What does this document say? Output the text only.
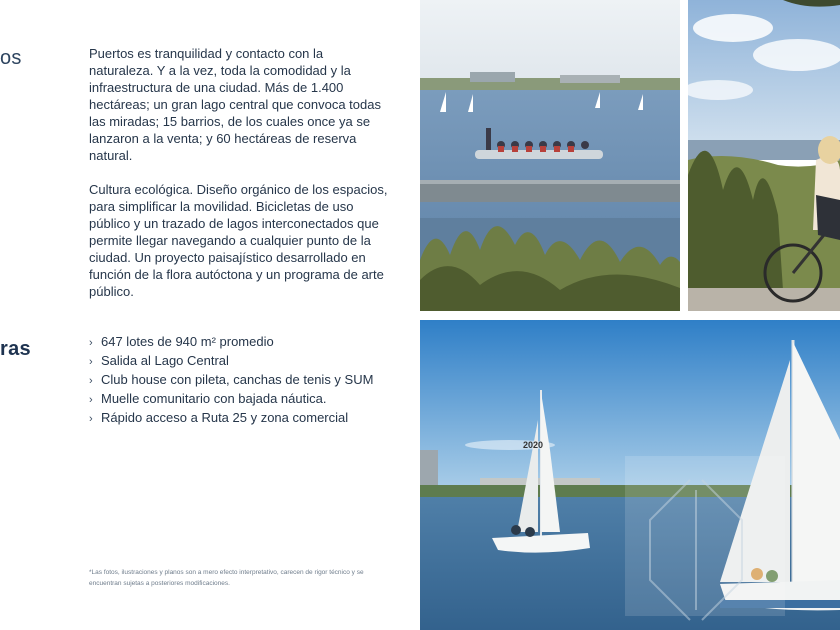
os
ras

Puertos es tranquilidad y contacto con la naturaleza. Y a la vez, toda la comodidad y la infraestructura de una ciudad. Más de 1.400 hectáreas; un gran lago central que convoca todas las miradas; 15 barrios, de los cuales once ya se lanzaron a la venta; y 60 hectáreas de reserva natural.

Cultura ecológica. Diseño orgánico de los espacios, para simplificar la movilidad. Bicicletas de uso público y un trazado de lagos interconectados que permite llegar navegando a cualquier punto de la ciudad. Un proyecto paisajístico desarrollado en función de la flora autóctona y un programa de arte público.

› 647 lotes de 940 m² promedio
› Salida al Lago Central
› Club house con pileta, canchas de tenis y SUM
› Muelle comunitario con bajada náutica.
› Rápido acceso a Ruta 25 y zona comercial

*Las fotos, ilustraciones y planos son a mero efecto interpretativo, carecen de rigor técnico y se encuentran sujetas a posteriores modificaciones.

2020
